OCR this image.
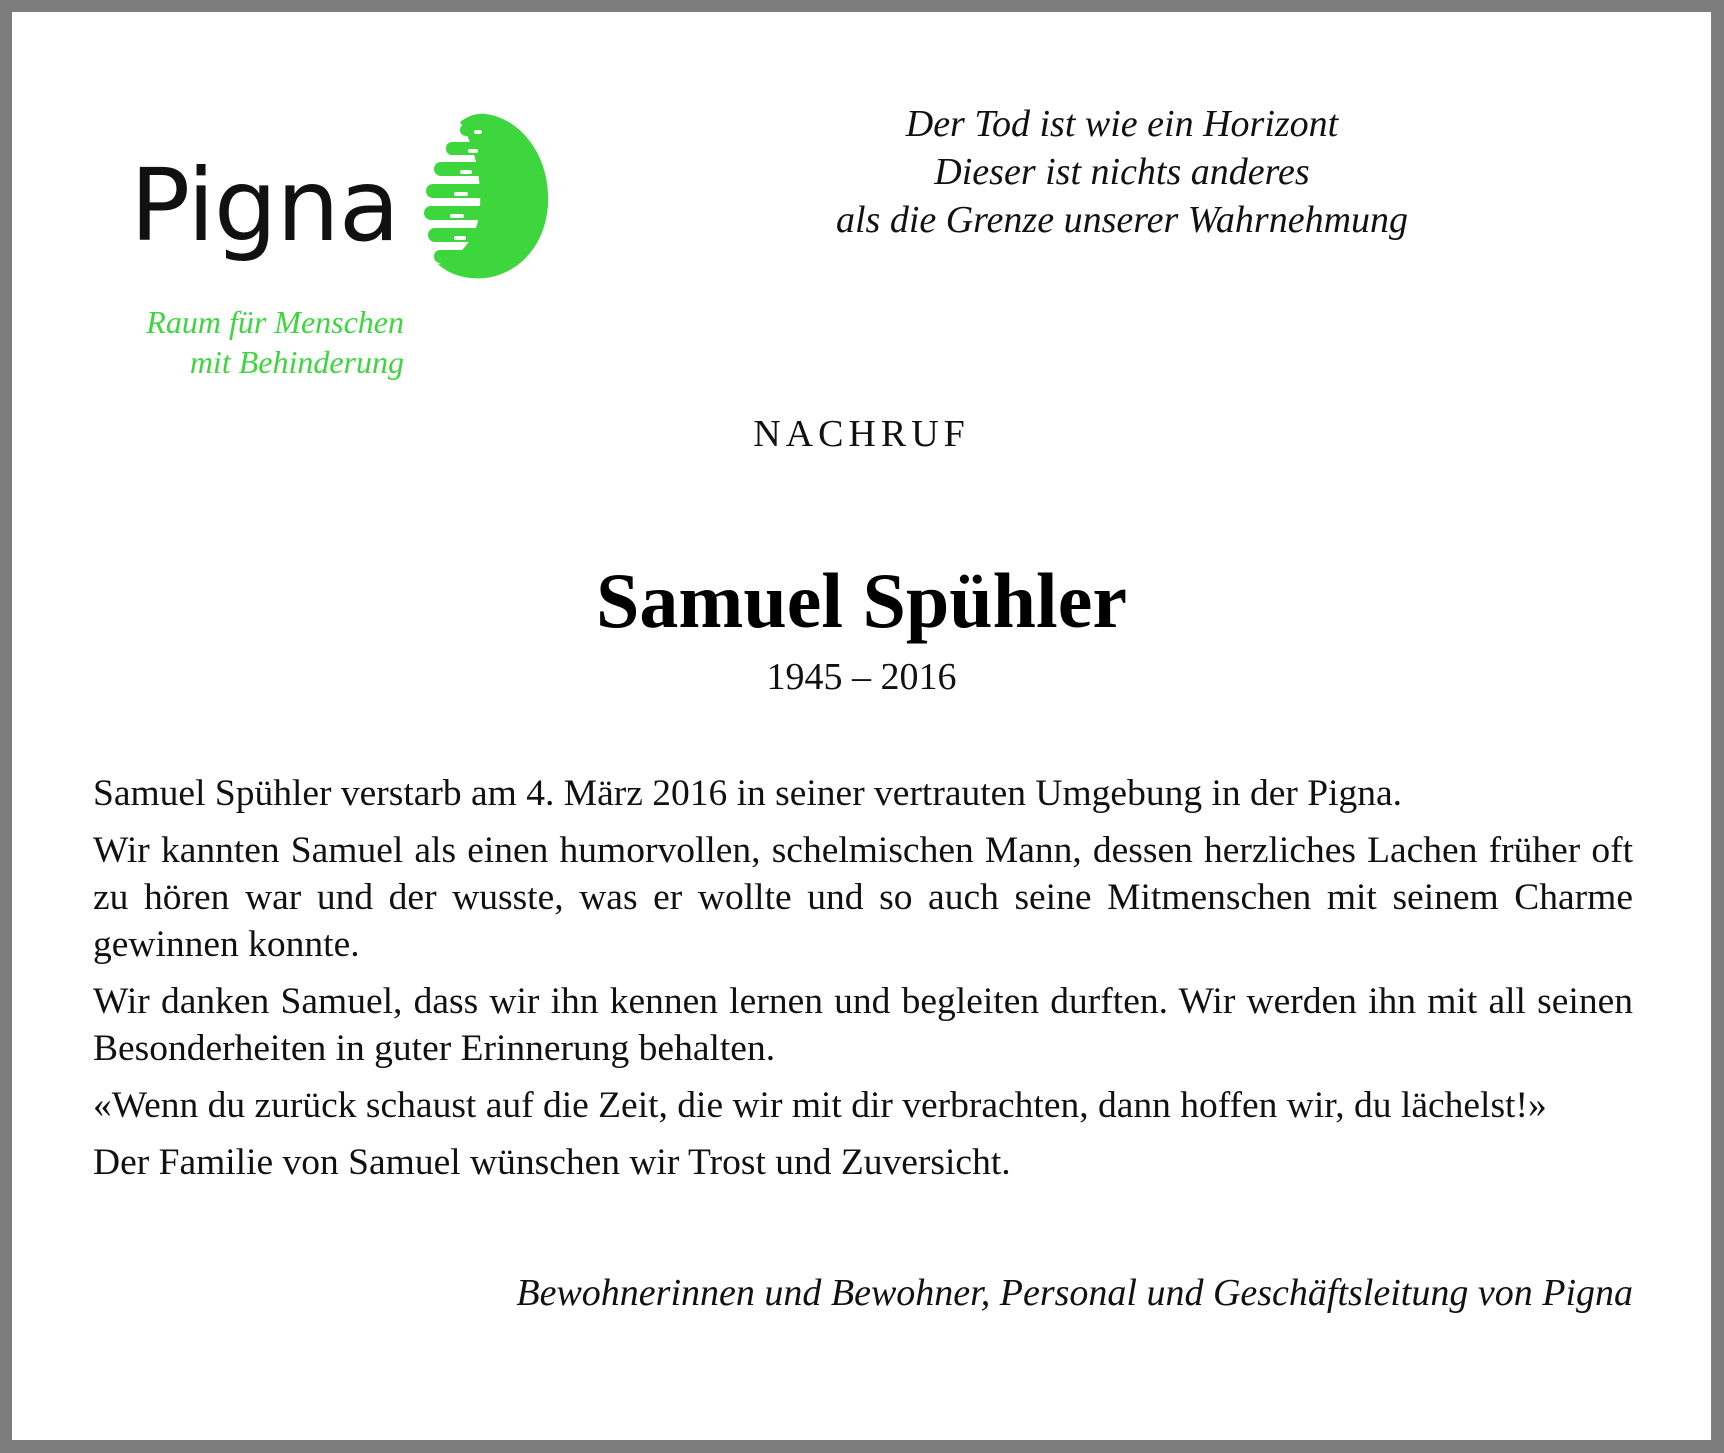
Pigna
Raum für Menschen
mit Behinderung
Der Tod ist wie ein Horizont
Dieser ist nichts anderes
als die Grenze unserer Wahrnehmung
NACHRUF
Samuel Spühler
1945 – 2016

Samuel Spühler verstarb am 4. März 2016 in seiner vertrauten Umgebung in der Pigna.

Wir kannten Samuel als einen humorvollen, schelmischen Mann, dessen herzliches Lachen früher oft zu hören war und der wusste, was er wollte und so auch seine Mitmenschen mit seinem Charme gewinnen konnte.

Wir danken Samuel, dass wir ihn kennen lernen und begleiten durften. Wir werden ihn mit all seinen Besonderheiten in guter Erinnerung behalten.

«Wenn du zurück schaust auf die Zeit, die wir mit dir verbrachten, dann hoffen wir, du lächelst!»

Der Familie von Samuel wünschen wir Trost und Zuversicht.

Bewohnerinnen und Bewohner, Personal und Geschäftsleitung von Pigna
